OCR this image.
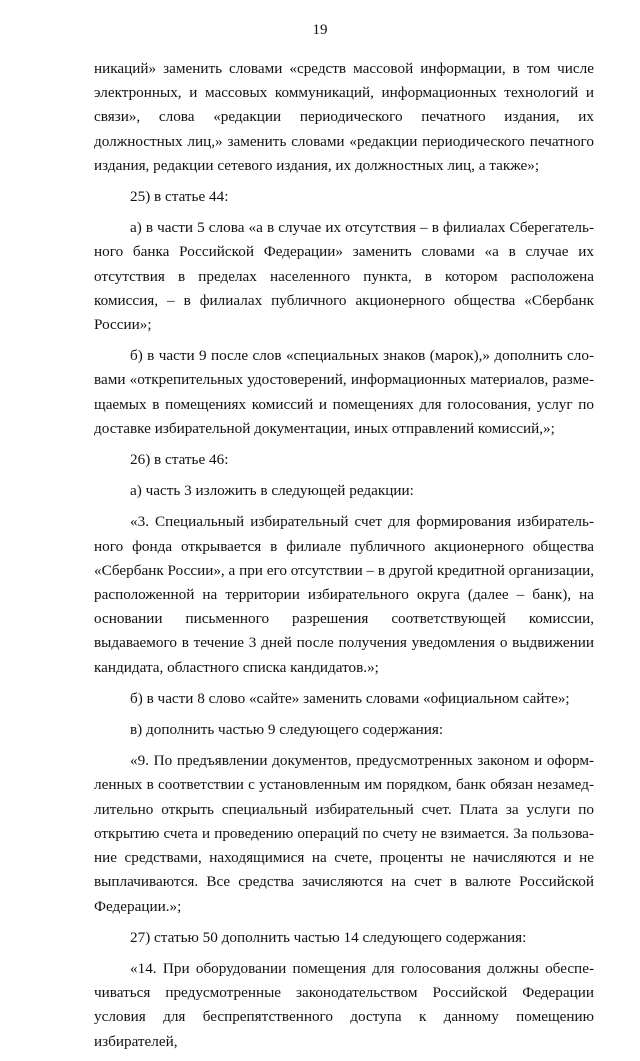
19

никаций» заменить словами «средств массовой информации, в том числе электронных, и массовых коммуникаций, информационных технологий и связи», слова «редакции периодического печатного издания, их должностных лиц,» заменить словами «редакции периодического печатного издания, редакции сетевого издания, их должностных лиц, а также»;

25) в статье 44:

а) в части 5 слова «а в случае их отсутствия – в филиалах Сберегательного банка Российской Федерации» заменить словами «а в случае их отсутствия в пределах населенного пункта, в котором расположена комиссия, – в филиалах публичного акционерного общества «Сбербанк России»;

б) в части 9 после слов «специальных знаков (марок),» дополнить словами «открепительных удостоверений, информационных материалов, размещаемых в помещениях комиссий и помещениях для голосования, услуг по доставке избирательной документации, иных отправлений комиссий,»;

26) в статье 46:

а) часть 3 изложить в следующей редакции:

«3. Специальный избирательный счет для формирования избирательного фонда открывается в филиале публичного акционерного общества «Сбербанк России», а при его отсутствии – в другой кредитной организации, расположенной на территории избирательного округа (далее – банк), на основании письменного разрешения соответствующей комиссии, выдаваемого в течение 3 дней после получения уведомления о выдвижении кандидата, областного списка кандидатов.»;

б) в части 8 слово «сайте» заменить словами «официальном сайте»;

в) дополнить частью 9 следующего содержания:

«9. По предъявлении документов, предусмотренных законом и оформленных в соответствии с установленным им порядком, банк обязан незамедлительно открыть специальный избирательный счет. Плата за услуги по открытию счета и проведению операций по счету не взимается. За пользование средствами, находящимися на счете, проценты не начисляются и не выплачиваются. Все средства зачисляются на счет в валюте Российской Федерации.»;

27) статью 50 дополнить частью 14 следующего содержания:

«14. При оборудовании помещения для голосования должны обеспечиваться предусмотренные законодательством Российской Федерации условия для беспрепятственного доступа к данному помещению избирателей,
